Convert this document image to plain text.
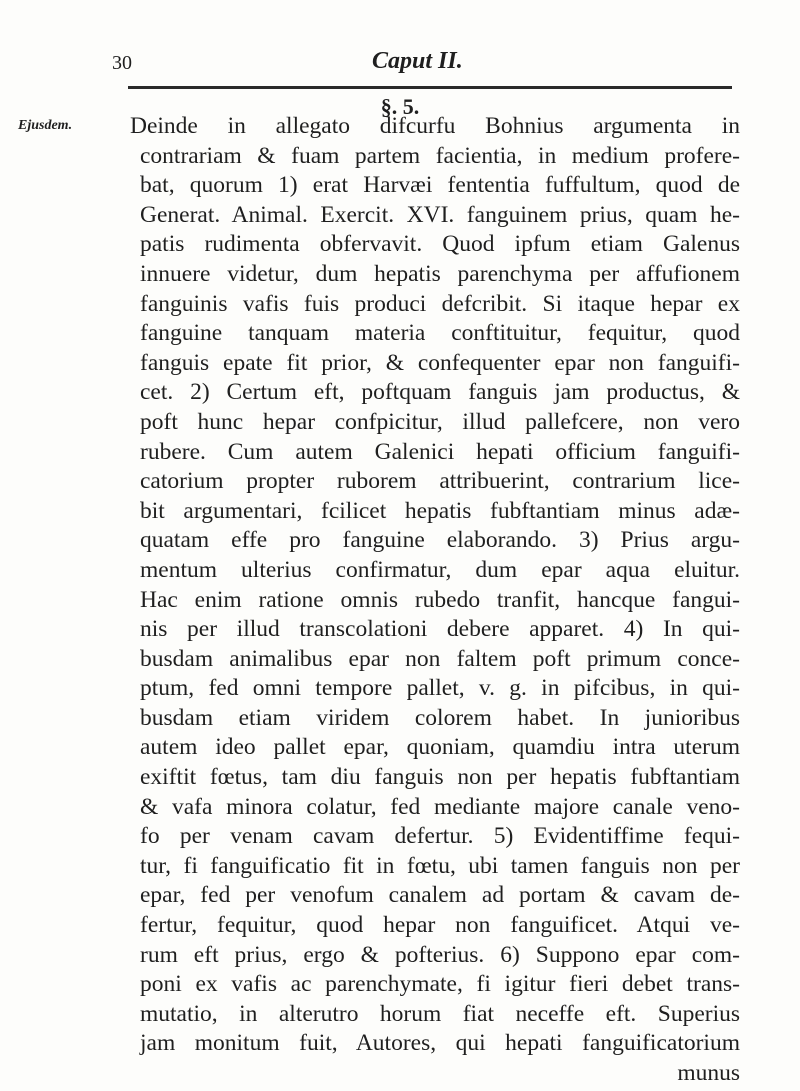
30	Caput II.
§. 5.
Ejusdem. Deinde in allegato difcurfu Bohnius argumenta in
contrariam & fuam partem facientia, in medium profere-
bat, quorum 1) erat Harvæi fententia fuffultum, quod de
Generat. Animal. Exercit. XVI. fanguinem prius, quam he-
patis rudimenta obfervavit. Quod ipfum etiam Galenus
innuere videtur, dum hepatis parenchyma per affufionem
fanguinis vafis fuis produci defcribit. Si itaque hepar ex
fanguine tanquam materia conftituitur, fequitur, quod
fanguis epate fit prior, & confequenter epar non fanguifi-
cet. 2) Certum eft, poftquam fanguis jam productus, &
poft hunc hepar confpicitur, illud pallefcere, non vero
rubere. Cum autem Galenici hepati officium fanguifi-
catorium propter ruborem attribuerint, contrarium lice-
bit argumentari, fcilicet hepatis fubftantiam minus adæ-
quatam effe pro fanguine elaborando. 3) Prius argu-
mentum ulterius confirmatur, dum epar aqua eluitur.
Hac enim ratione omnis rubedo tranfit, hancque fangui-
nis per illud transcolationi debere apparet. 4) In qui-
busdam animalibus epar non faltem poft primum conce-
ptum, fed omni tempore pallet, v. g. in pifcibus, in qui-
busdam etiam viridem colorem habet. In junioribus
autem ideo pallet epar, quoniam, quamdiu intra uterum
exiftit fœtus, tam diu fanguis non per hepatis fubftantiam
& vafa minora colatur, fed mediante majore canale veno-
fo per venam cavam defertur. 5) Evidentiffime fequi-
tur, fi fanguificatio fit in fœtu, ubi tamen fanguis non per
epar, fed per venofum canalem ad portam & cavam de-
fertur, fequitur, quod hepar non fanguificet. Atqui ve-
rum eft prius, ergo & pofterius. 6) Suppono epar com-
poni ex vafis ac parenchymate, fi igitur fieri debet trans-
mutatio, in alterutro horum fiat neceffe eft. Superius
jam monitum fuit, Autores, qui hepati fanguificatorium
munus
